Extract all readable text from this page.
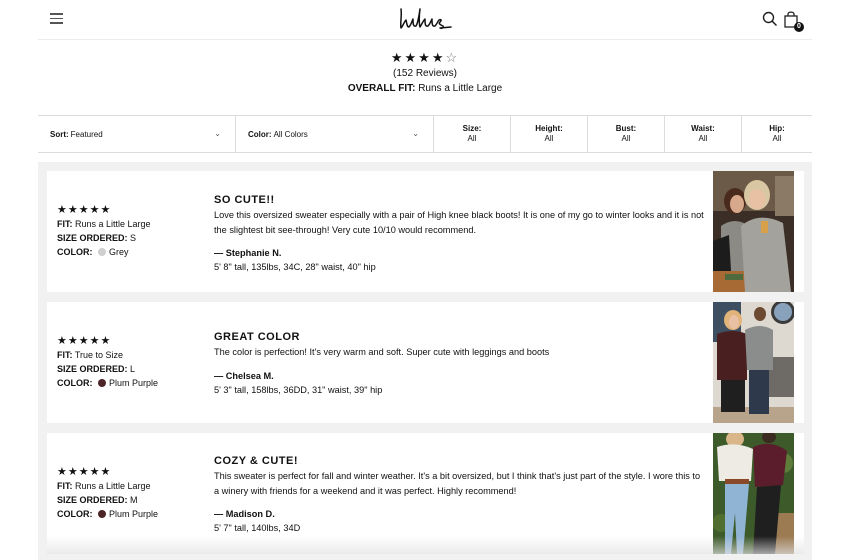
0
★★★★☆
(152 Reviews)
OVERALL FIT: Runs a Little Large
Sort: Featured	⌄	Color: All Colors	⌄
Size:
All
Height:
All
Bust:
All
Waist:
All
Hip:
All
★★★★★
FIT: Runs a Little Large
SIZE ORDERED: S
COLOR: Grey
SO CUTE!!
Love this oversized sweater especially with a pair of High knee black boots! It is one of my go to winter looks and it is not the slightest bit see-through! Very cute 10/10 would recommend.
— Stephanie N.
5' 8" tall, 135lbs, 34C, 28" waist, 40" hip
★★★★★
FIT: True to Size
SIZE ORDERED: L
COLOR: Plum Purple
GREAT COLOR
The color is perfection! It's very warm and soft. Super cute with leggings and boots
— Chelsea M.
5' 3" tall, 158lbs, 36DD, 31" waist, 39" hip
★★★★★
FIT: Runs a Little Large
SIZE ORDERED: M
COLOR: Plum Purple
COZY & CUTE!
This sweater is perfect for fall and winter weather. It's a bit oversized, but I think that's just part of the style. I wore this to a winery with friends for a weekend and it was perfect. Highly recommend!
— Madison D.
5' 7" tall, 140lbs, 34D
